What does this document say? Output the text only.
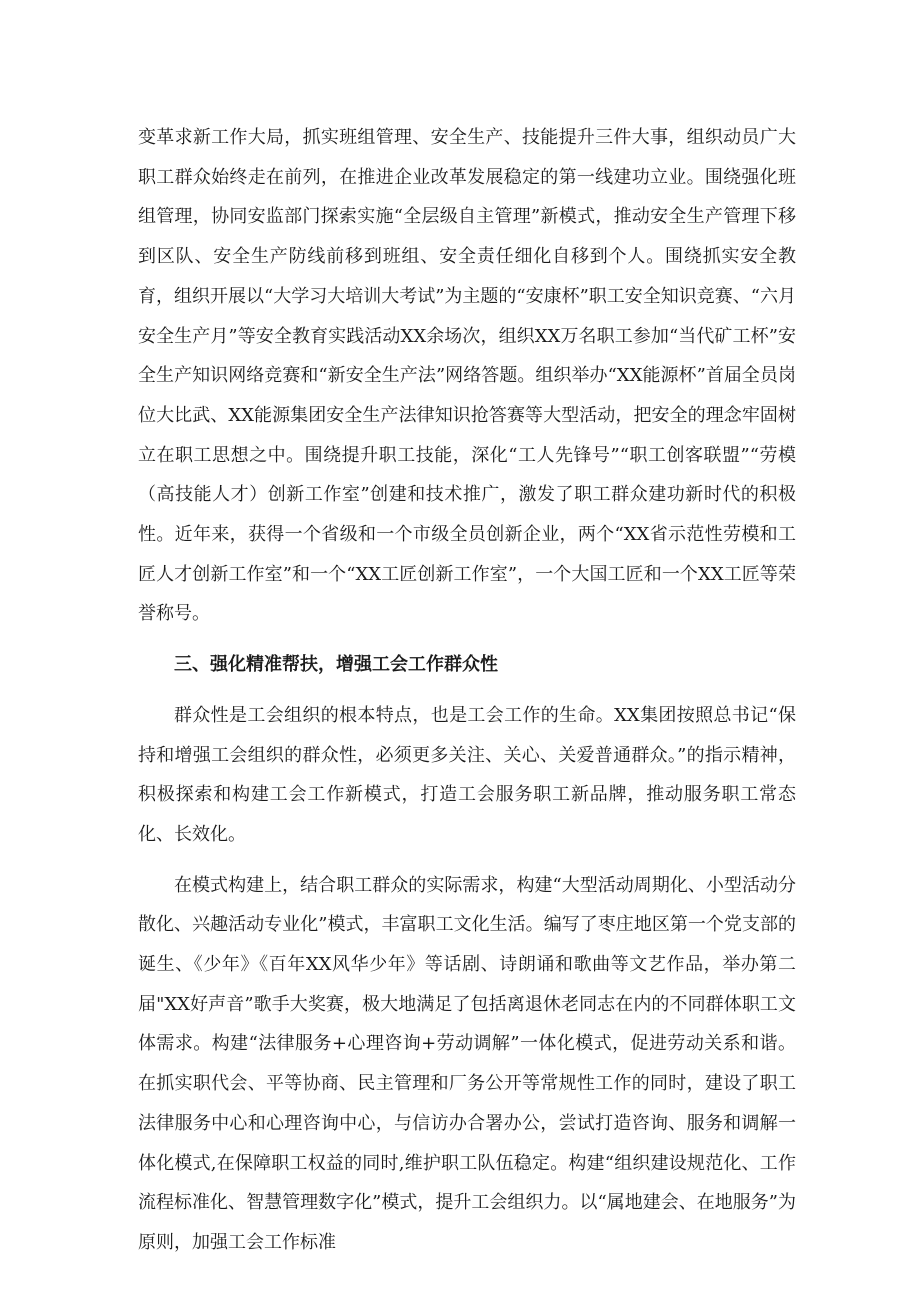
变革求新工作大局，抓实班组管理、安全生产、技能提升三件大事，组织动员广大职工群众始终走在前列，在推进企业改革发展稳定的第一线建功立业。围绕强化班组管理，协同安监部门探索实施“全层级自主管理”新模式，推动安全生产管理下移到区队、安全生产防线前移到班组、安全责任细化自移到个人。围绕抓实安全教育，组织开展以“大学习大培训大考试”为主题的“安康杯”职工安全知识竞赛、“六月安全生产月”等安全教育实践活动XX余场次，组织XX万名职工参加“当代矿工杯”安全生产知识网络竞赛和“新安全生产法”网络答题。组织举办“XX能源杯”首届全员岗位大比武、XX能源集团安全生产法律知识抢答赛等大型活动，把安全的理念牢固树立在职工思想之中。围绕提升职工技能，深化“工人先锋号”“职工创客联盟”“劳模（高技能人才）创新工作室”创建和技术推广，激发了职工群众建功新时代的积极性。近年来，获得一个省级和一个市级全员创新企业，两个“XX省示范性劳模和工匠人才创新工作室”和一个“XX工匠创新工作室”，一个大国工匠和一个XX工匠等荣誉称号。

三、强化精准帮扶，增强工会工作群众性

群众性是工会组织的根本特点，也是工会工作的生命。XX集团按照总书记“保持和增强工会组织的群众性，必须更多关注、关心、关爱普通群众。”的指示精神，积极探索和构建工会工作新模式，打造工会服务职工新品牌，推动服务职工常态化、长效化。

在模式构建上，结合职工群众的实际需求，构建“大型活动周期化、小型活动分散化、兴趣活动专业化”模式，丰富职工文化生活。编写了枣庄地区第一个党支部的诞生、《少年》《百年XX风华少年》等话剧、诗朗诵和歌曲等文艺作品，举办第二届"XX好声音”歌手大奖赛，极大地满足了包括离退休老同志在内的不同群体职工文体需求。构建“法律服务+心理咨询+劳动调解”一体化模式，促进劳动关系和谐。在抓实职代会、平等协商、民主管理和厂务公开等常规性工作的同时，建设了职工法律服务中心和心理咨询中心，与信访办合署办公，尝试打造咨询、服务和调解一体化模式,在保障职工权益的同时,维护职工队伍稳定。构建“组织建设规范化、工作流程标准化、智慧管理数字化”模式，提升工会组织力。以“属地建会、在地服务”为原则，加强工会工作标准
